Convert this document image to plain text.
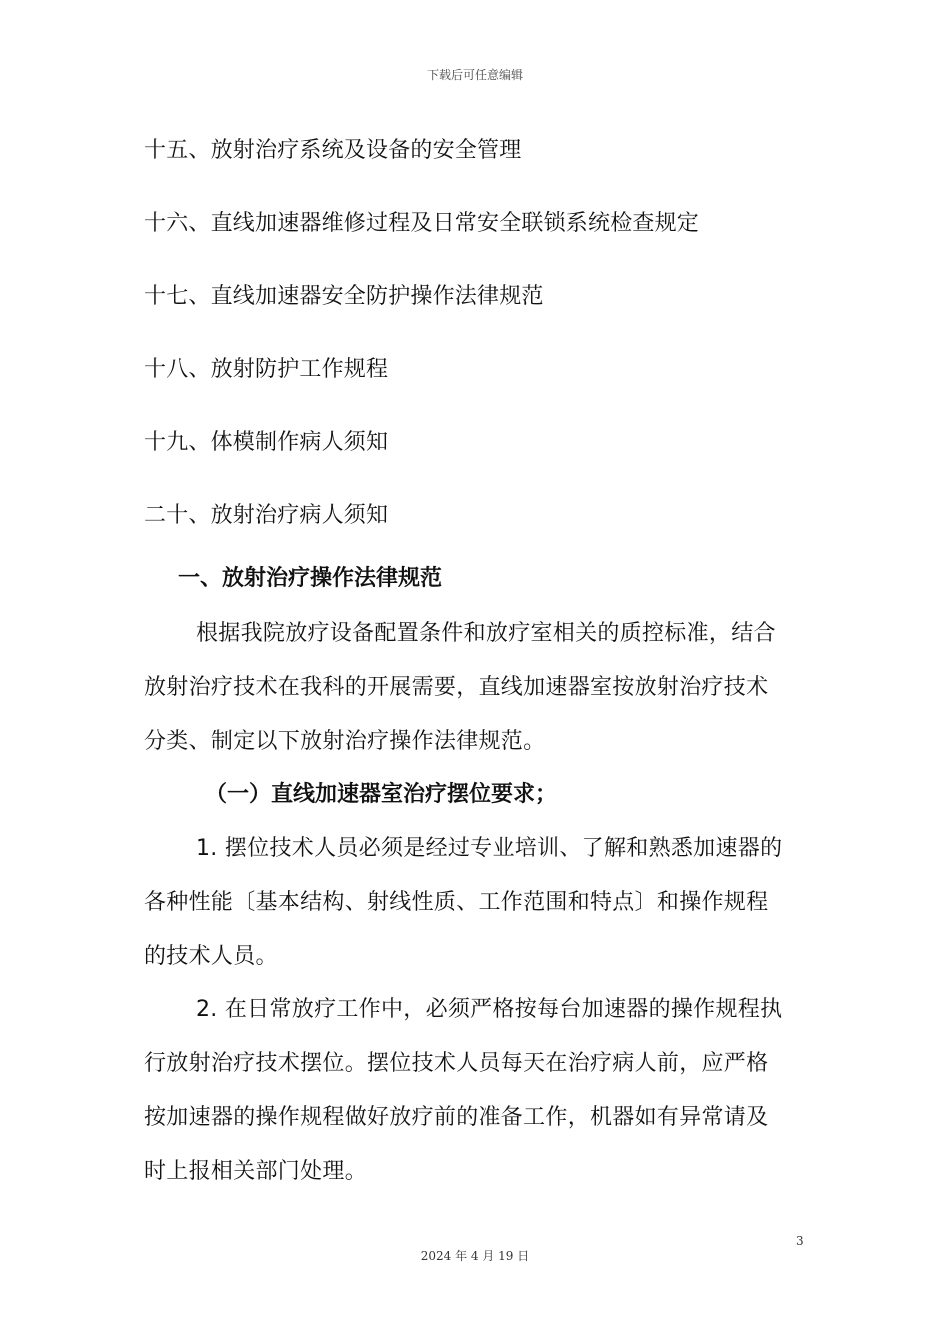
下载后可任意编辑
十五、放射治疗系统及设备的安全管理
十六、直线加速器维修过程及日常安全联锁系统检查规定
十七、直线加速器安全防护操作法律规范
十八、放射防护工作规程
十九、体模制作病人须知
二十、放射治疗病人须知
一、放射治疗操作法律规范
根据我院放疗设备配置条件和放疗室相关的质控标准，结合
放射治疗技术在我科的开展需要，直线加速器室按放射治疗技术
分类、制定以下放射治疗操作法律规范。
（一）直线加速器室治疗摆位要求；
1. 摆位技术人员必须是经过专业培训、了解和熟悉加速器的
各种性能〔基本结构、射线性质、工作范围和特点〕和操作规程
的技术人员。
2. 在日常放疗工作中，必须严格按每台加速器的操作规程执
行放射治疗技术摆位。摆位技术人员每天在治疗病人前，应严格
按加速器的操作规程做好放疗前的准备工作，机器如有异常请及
时上报相关部门处理。
3
2024 年 4 月 19 日
